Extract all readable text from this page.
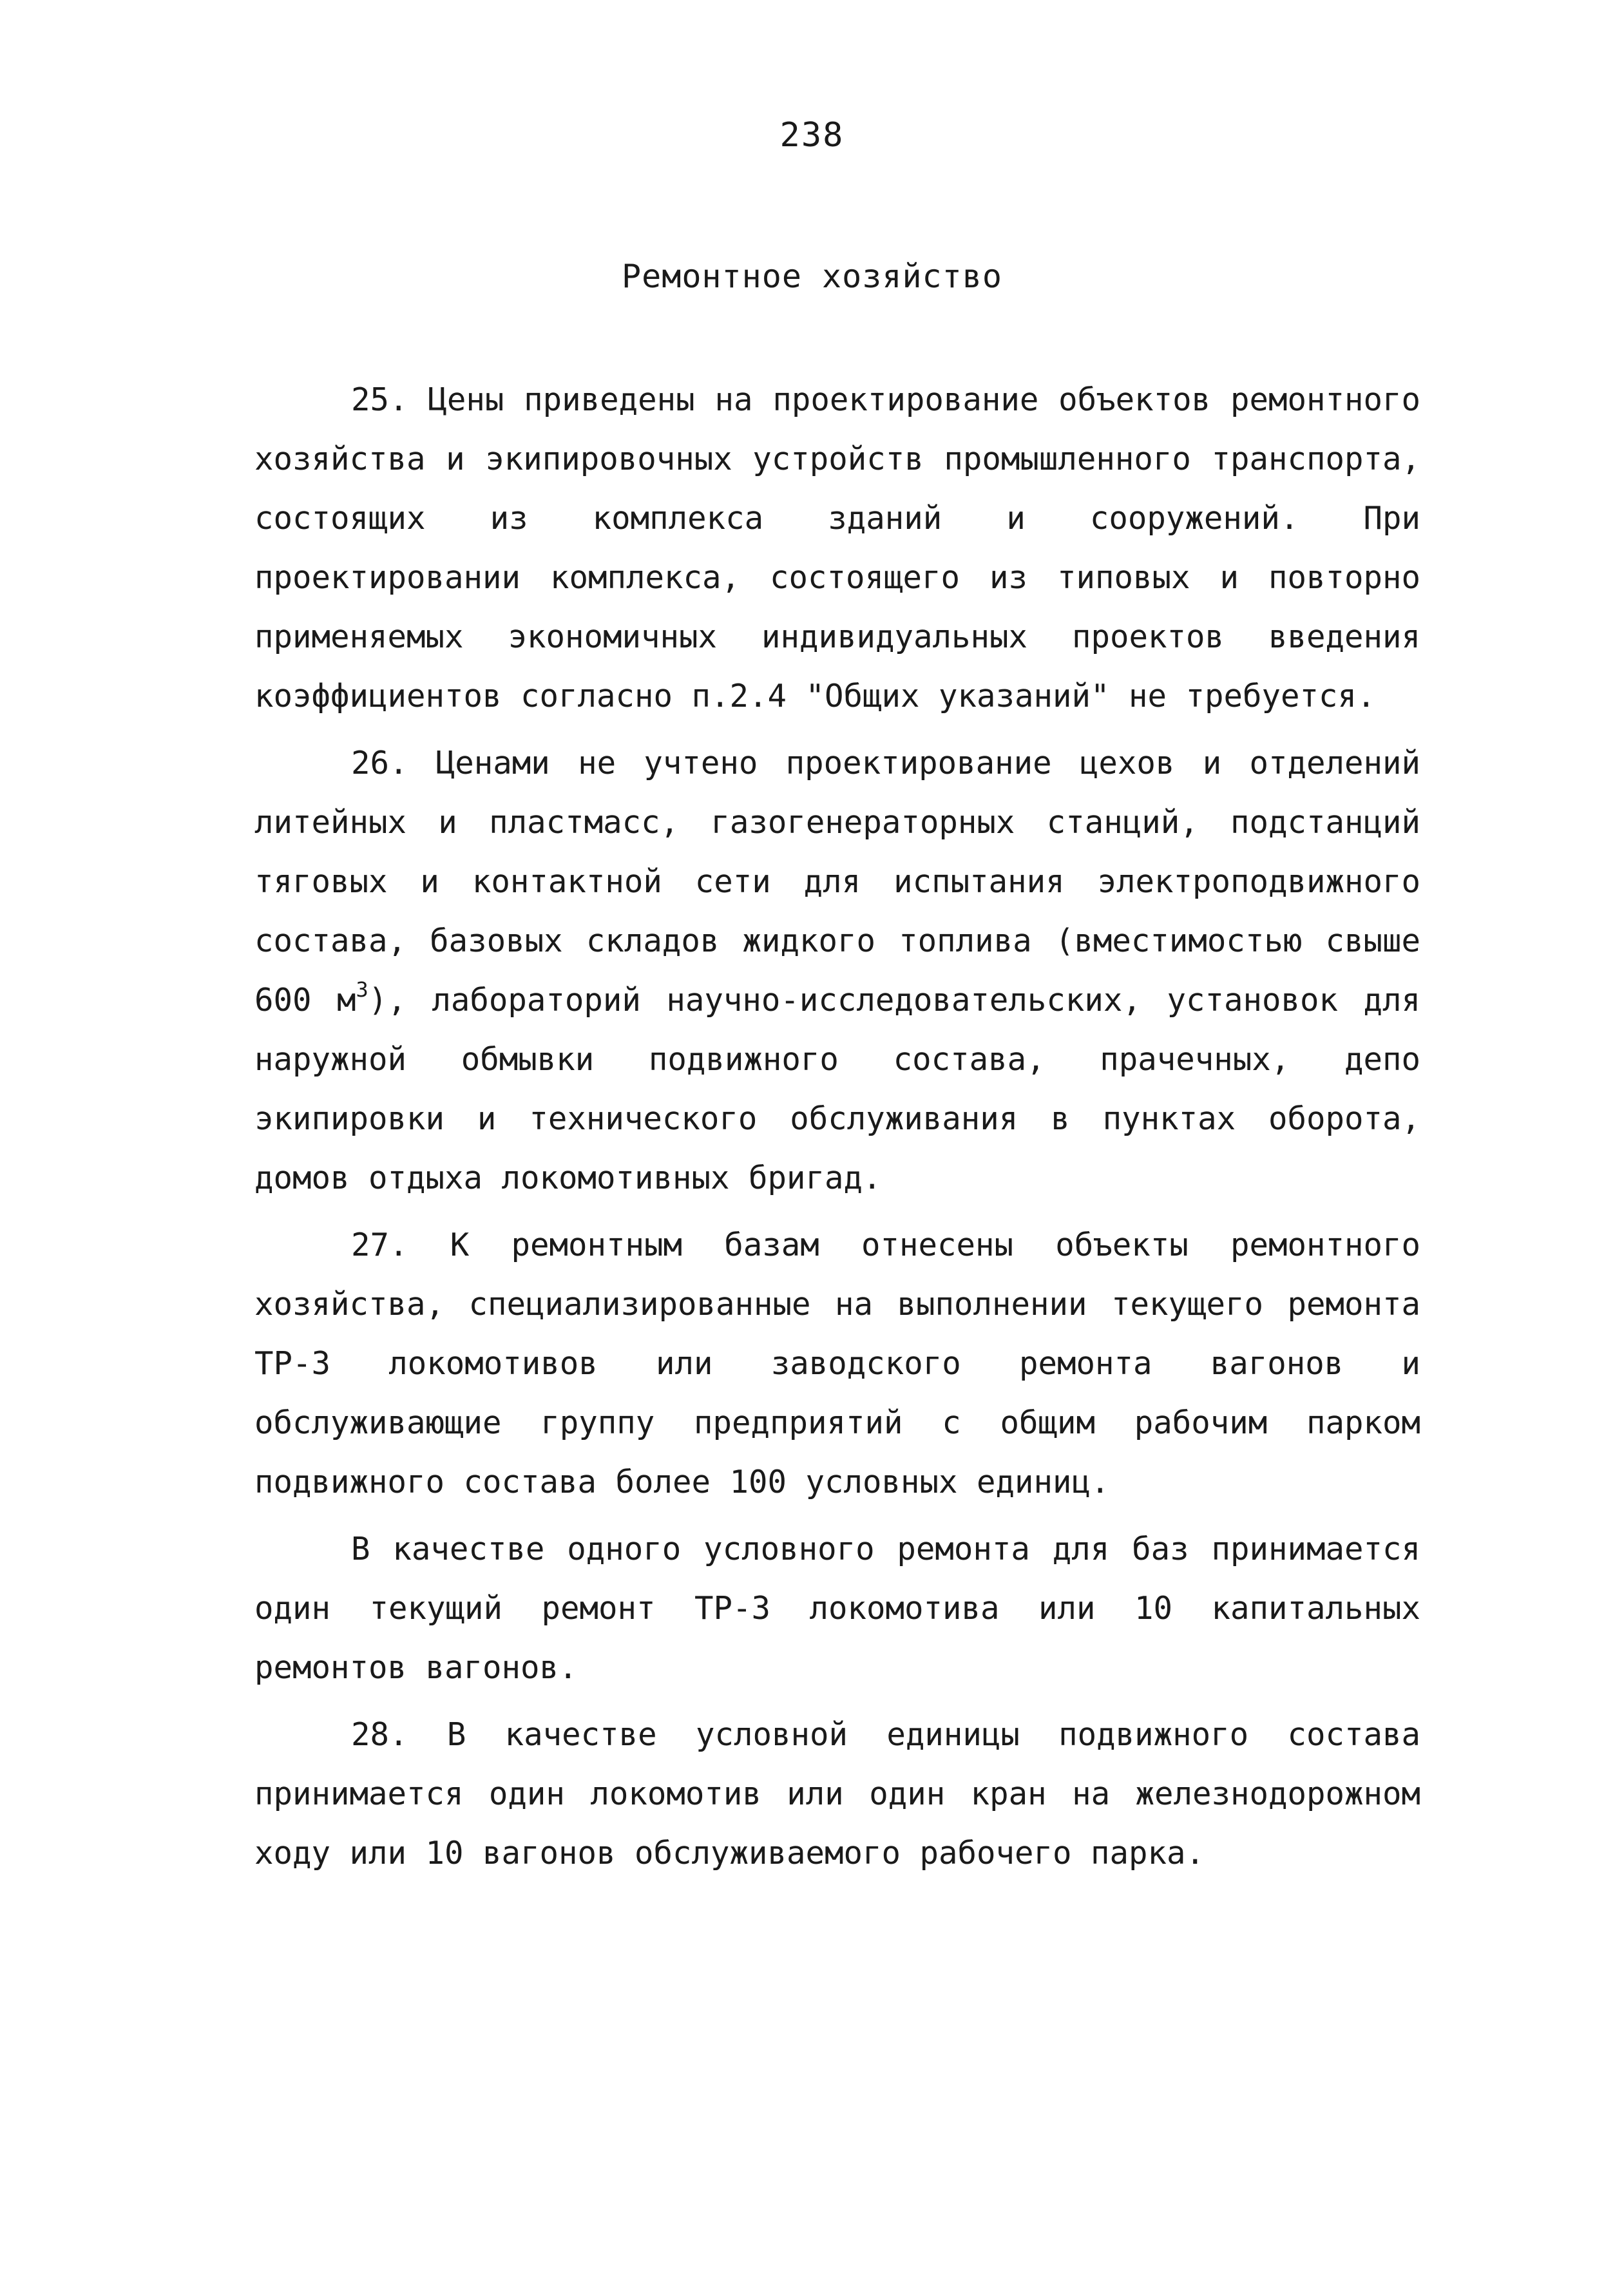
238
Ремонтное хозяйство

25. Цены приведены на проектирование объектов ремонтного хозяйства и экипировочных устройств промышленного транспорта, состоящих из комплекса зданий и сооружений. При проектировании комплекса, состоящего из типовых и повторно применяемых экономичных индивидуальных проектов введения коэффициентов согласно п.2.4 "Общих указаний" не требуется.

26. Ценами не учтено проектирование цехов и отделений литейных и пластмасс, газогенераторных станций, подстанций тяговых и контактной сети для испытания электроподвижного состава, базовых складов жидкого топлива (вместимостью свыше 600 $м^3$), лабораторий научно-исследовательских, установок для наружной обмывки подвижного состава, прачечных, депо экипировки и технического обслуживания в пунктах оборота, домов отдыха локомотивных бригад.

27. К ремонтным базам отнесены объекты ремонтного хозяйства, специализированные на выполнении текущего ремонта ТР-3 локомотивов или заводского ремонта вагонов и обслуживающие группу предприятий с общим рабочим парком подвижного состава более 100 условных единиц.

В качестве одного условного ремонта для баз принимается один текущий ремонт ТР-3 локомотива или 10 капитальных ремонтов вагонов.

28. В качестве условной единицы подвижного состава принимается один локомотив или один кран на железнодорожном ходу или 10 вагонов обслуживаемого рабочего парка.
